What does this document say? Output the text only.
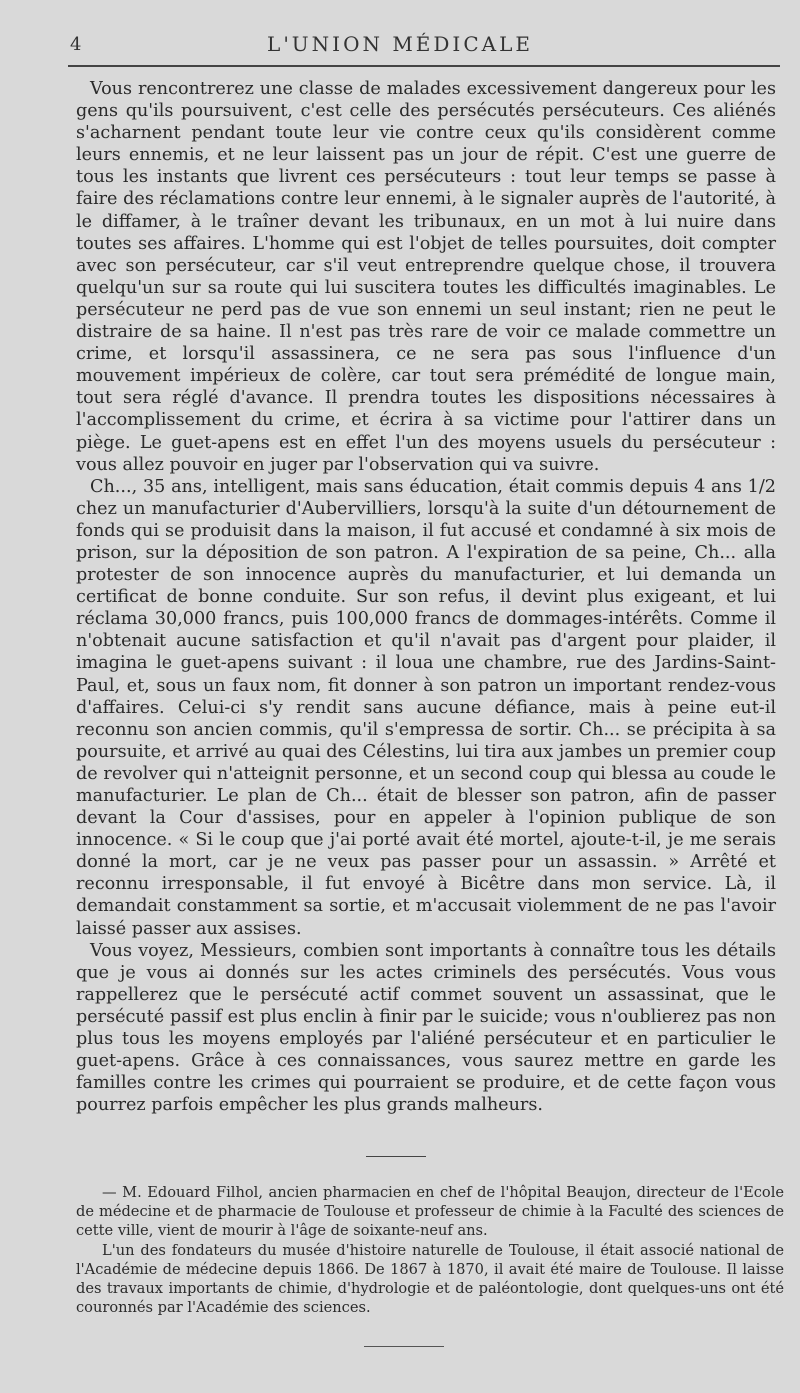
4	L'UNION MÉDICALE

Vous rencontrerez une classe de malades excessivement dangereux pour les gens qu'ils poursuivent, c'est celle des persécutés persécuteurs. Ces aliénés s'acharnent pendant toute leur vie contre ceux qu'ils considèrent comme leurs ennemis, et ne leur laissent pas un jour de répit. C'est une guerre de tous les instants que livrent ces persécuteurs : tout leur temps se passe à faire des réclamations contre leur ennemi, à le signaler auprès de l'autorité, à le diffamer, à le traîner devant les tribunaux, en un mot à lui nuire dans toutes ses affaires. L'homme qui est l'objet de telles poursuites, doit compter avec son persécuteur, car s'il veut entreprendre quelque chose, il trouvera quelqu'un sur sa route qui lui suscitera toutes les difficultés imaginables. Le persécuteur ne perd pas de vue son ennemi un seul instant; rien ne peut le distraire de sa haine. Il n'est pas très rare de voir ce malade commettre un crime, et lorsqu'il assassinera, ce ne sera pas sous l'influence d'un mouvement impérieux de colère, car tout sera prémédité de longue main, tout sera réglé d'avance. Il prendra toutes les dispositions nécessaires à l'accomplissement du crime, et écrira à sa victime pour l'attirer dans un piège. Le guet-apens est en effet l'un des moyens usuels du persécuteur : vous allez pouvoir en juger par l'observation qui va suivre.

Ch..., 35 ans, intelligent, mais sans éducation, était commis depuis 4 ans 1/2 chez un manufacturier d'Aubervilliers, lorsqu'à la suite d'un détournement de fonds qui se produisit dans la maison, il fut accusé et condamné à six mois de prison, sur la déposition de son patron. A l'expiration de sa peine, Ch... alla protester de son innocence auprès du manufacturier, et lui demanda un certificat de bonne conduite. Sur son refus, il devint plus exigeant, et lui réclama 30,000 francs, puis 100,000 francs de dommages-intérêts. Comme il n'obtenait aucune satisfaction et qu'il n'avait pas d'argent pour plaider, il imagina le guet-apens suivant : il loua une chambre, rue des Jardins-Saint-Paul, et, sous un faux nom, fit donner à son patron un important rendez-vous d'affaires. Celui-ci s'y rendit sans aucune défiance, mais à peine eut-il reconnu son ancien commis, qu'il s'empressa de sortir. Ch... se précipita à sa poursuite, et arrivé au quai des Célestins, lui tira aux jambes un premier coup de revolver qui n'atteignit personne, et un second coup qui blessa au coude le manufacturier. Le plan de Ch... était de blesser son patron, afin de passer devant la Cour d'assises, pour en appeler à l'opinion publique de son innocence. « Si le coup que j'ai porté avait été mortel, ajoute-t-il, je me serais donné la mort, car je ne veux pas passer pour un assassin. » Arrêté et reconnu irresponsable, il fut envoyé à Bicêtre dans mon service. Là, il demandait constamment sa sortie, et m'accusait violemment de ne pas l'avoir laissé passer aux assises.

Vous voyez, Messieurs, combien sont importants à connaître tous les détails que je vous ai donnés sur les actes criminels des persécutés. Vous vous rappellerez que le persécuté actif commet souvent un assassinat, que le persécuté passif est plus enclin à finir par le suicide; vous n'oublierez pas non plus tous les moyens employés par l'aliéné persécuteur et en particulier le guet-apens. Grâce à ces connaissances, vous saurez mettre en garde les familles contre les crimes qui pourraient se produire, et de cette façon vous pourrez parfois empêcher les plus grands malheurs.

— M. Edouard Filhol, ancien pharmacien en chef de l'hôpital Beaujon, directeur de l'Ecole de médecine et de pharmacie de Toulouse et professeur de chimie à la Faculté des sciences de cette ville, vient de mourir à l'âge de soixante-neuf ans.

L'un des fondateurs du musée d'histoire naturelle de Toulouse, il était associé national de l'Académie de médecine depuis 1866. De 1867 à 1870, il avait été maire de Toulouse. Il laisse des travaux importants de chimie, d'hydrologie et de paléontologie, dont quelques-uns ont été couronnés par l'Académie des sciences.
